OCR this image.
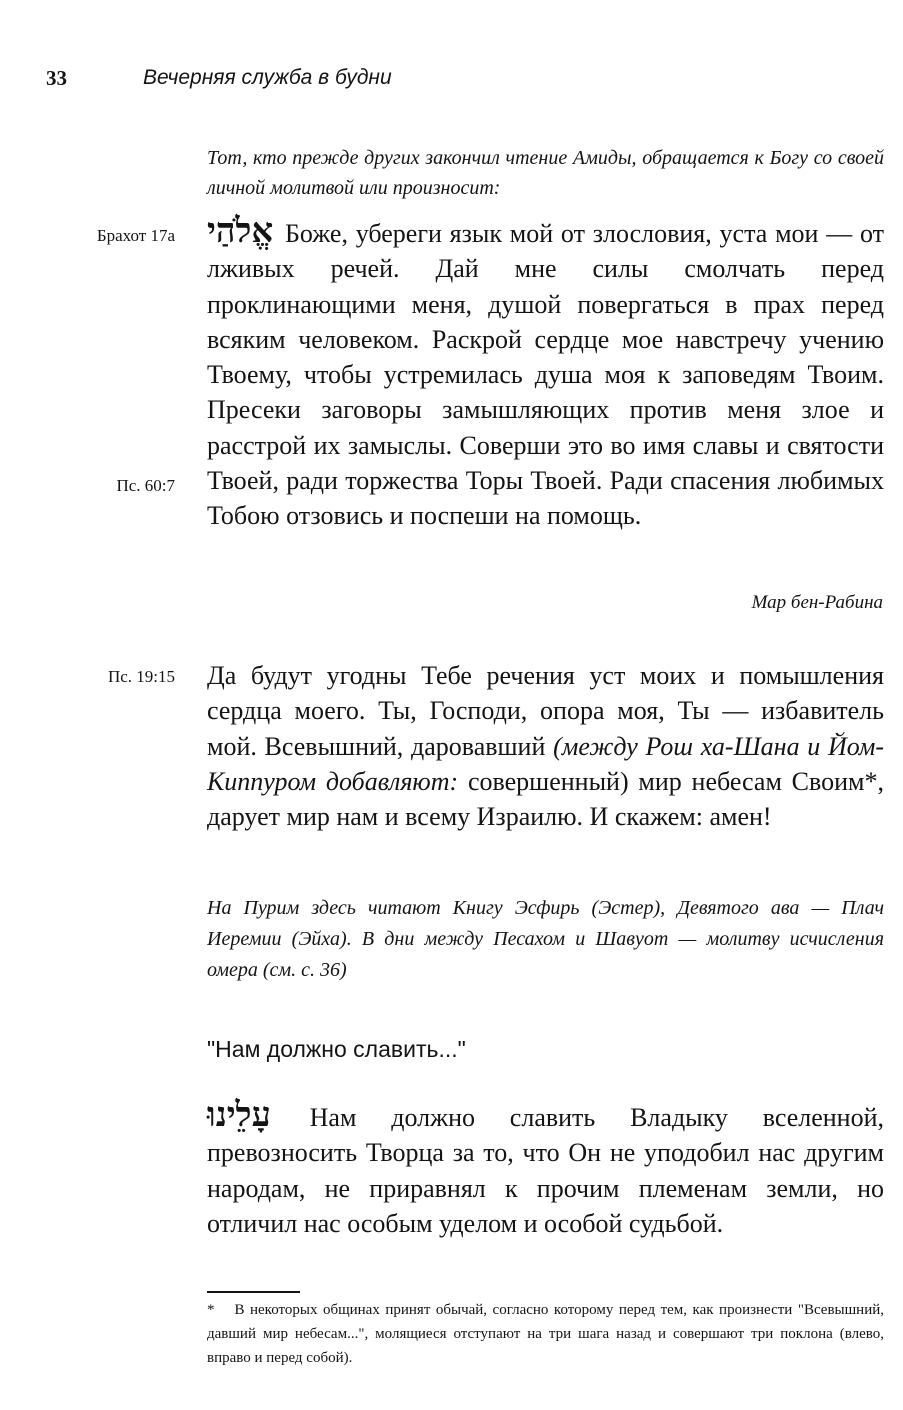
33	Вечерняя служба в будни
Тот, кто прежде других закончил чтение Амиды, обращается к Богу со своей личной молитвой или произносит:
Брахот 17а אֱלֹהַי Боже, убереги язык мой от злословия, уста мои — от лживых речей. Дай мне силы смолчать перед проклинающими меня, душой повергаться в прах перед всяким человеком. Раскрой сердце мое навстречу учению Твоему, чтобы устремилась душа моя к заповедям Твоим. Пресеки заговоры замышляющих против меня злое и расстрой их замыслы. Соверши это во имя славы и святости Твоей, ради торжества Торы Твоей. Ради спасения любимых Тобою отзовись и поспеши на помощь.
Пс. 60:7
Мар бен-Рабина
Пс. 19:15 Да будут угодны Тебе речения уст моих и помышления сердца моего. Ты, Господи, опора моя, Ты — избавитель мой. Всевышний, даровавший (между Рош ха-Шана и Йом-Киппуром добавляют: совершенный) мир небесам Своим*, дарует мир нам и всему Израилю. И скажем: амен!
На Пурим здесь читают Книгу Эсфирь (Эстер), Девятого ава — Плач Иеремии (Эйха). В дни между Песахом и Шавуот — молитву исчисления омера (см. с. 36)
"Нам должно славить..."
עָלֵינוּ Нам должно славить Владыку вселенной, превозносить Творца за то, что Он не уподобил нас другим народам, не приравнял к прочим племенам земли, но отличил нас особым уделом и особой судьбой.
* В некоторых общинах принят обычай, согласно которому перед тем, как произнести "Всевышний, давший мир небесам...", молящиеся отступают на три шага назад и совершают три поклона (влево, вправо и перед собой).
